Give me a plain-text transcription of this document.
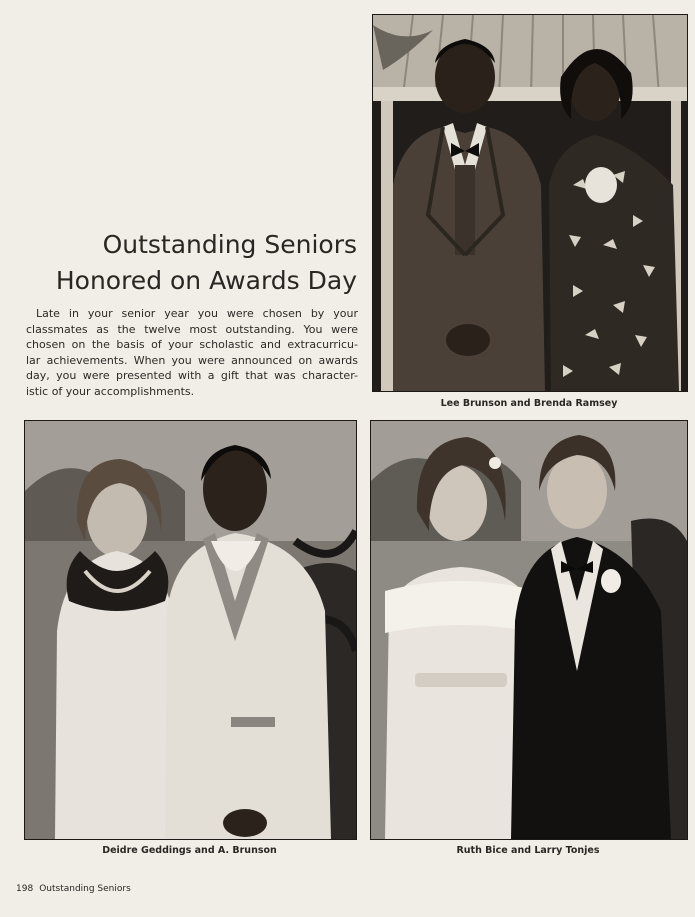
Lee Brunson and Brenda Ramsey
Outstanding Seniors
Honored on Awards Day
Late in your senior year you were chosen by your
classmates as the twelve most outstanding. You were
chosen on the basis of your scholastic and extracurricu-
lar achievements. When you were announced on awards
day, you were presented with a gift that was character-
istic of your accomplishments.
Deidre Geddings and A. Brunson	Ruth Bice and Larry Tonjes
198 Outstanding Seniors
